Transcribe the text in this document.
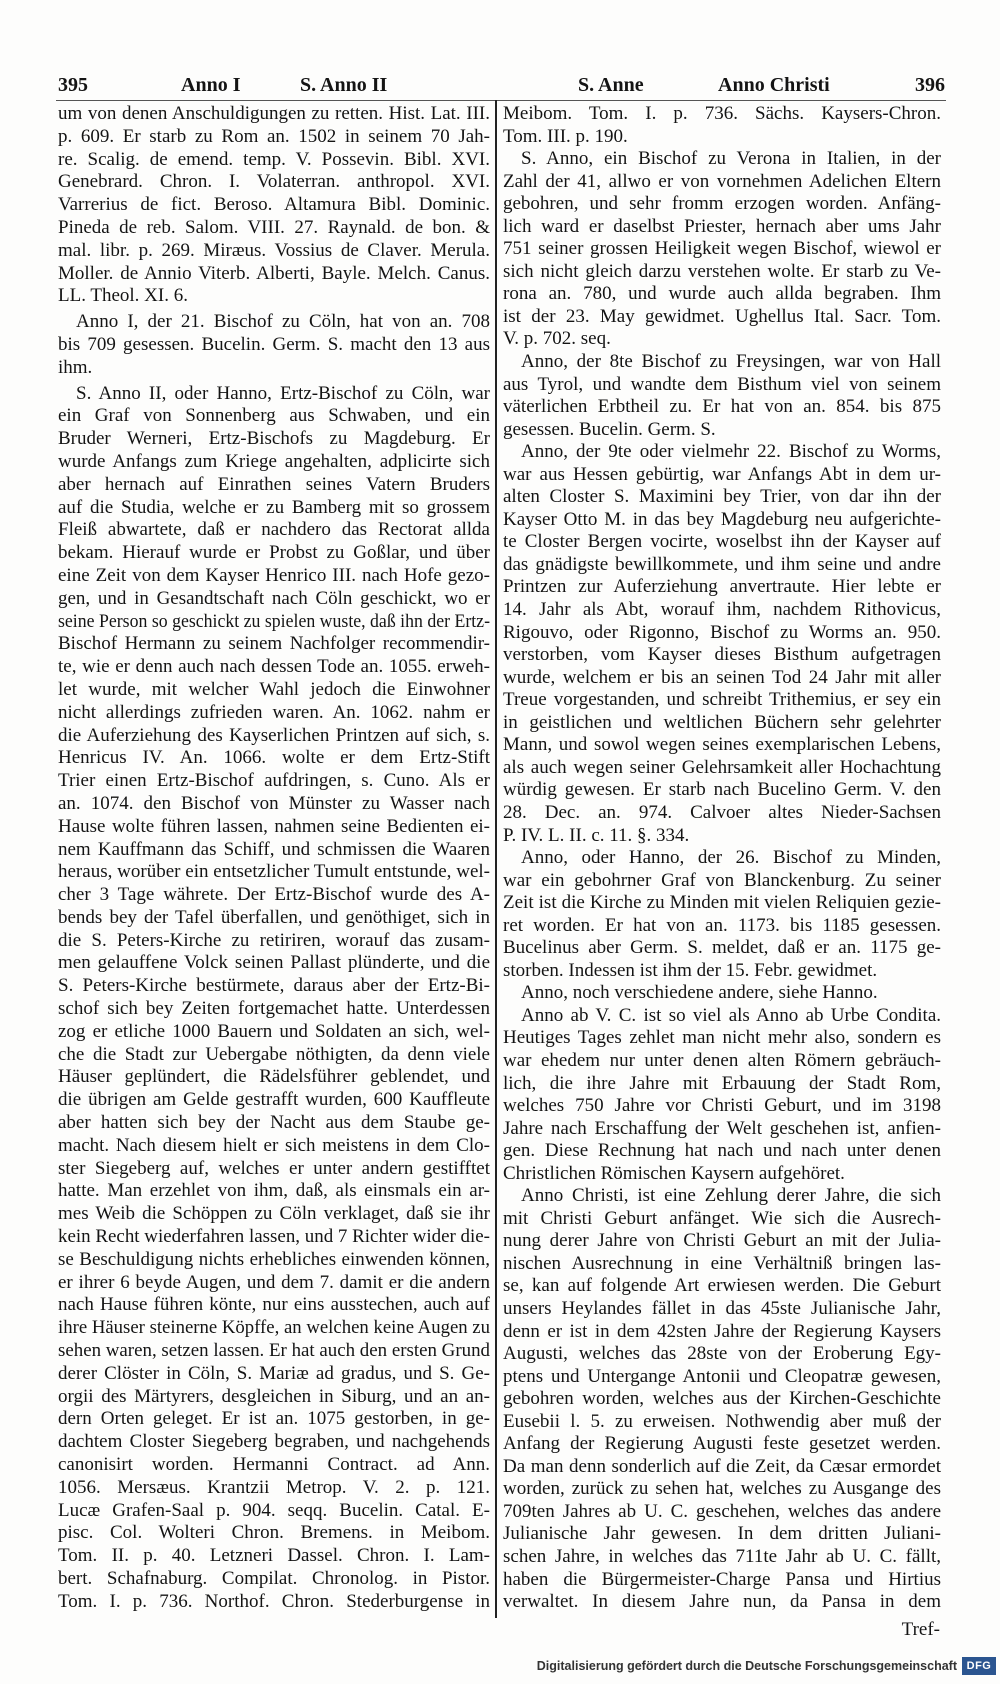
395	Anno I	S. Anno II	S. Anne	Anno Christi	396
um von denen Anschuldigungen zu retten. Hist. Lat. III.
p. 609. Er starb zu Rom an. 1502 in seinem 70 Jah-
re. Scalig. de emend. temp. V. Possevin. Bibl. XVI.
Genebrard. Chron. I. Volaterran. anthropol. XVI.
Varrerius de fict. Beroso. Altamura Bibl. Dominic.
Pineda de reb. Salom. VIII. 27. Raynald. de bon. &
mal. libr. p. 269. Miræus. Vossius de Claver. Merula.
Moller. de Annio Viterb. Alberti, Bayle. Melch. Canus.
LL. Theol. XI. 6.
Anno I, der 21. Bischof zu Cöln, hat von an. 708
bis 709 gesessen. Bucelin. Germ. S. macht den 13 aus
ihm.
S. Anno II, oder Hanno, Ertz-Bischof zu Cöln, war
ein Graf von Sonnenberg aus Schwaben, und ein
Bruder Werneri, Ertz-Bischofs zu Magdeburg. Er
wurde Anfangs zum Kriege angehalten, adplicirte sich
aber hernach auf Einrathen seines Vatern Bruders
auf die Studia, welche er zu Bamberg mit so grossem
Fleiß abwartete, daß er nachdero das Rectorat allda
bekam. Hierauf wurde er Probst zu Goßlar, und über
eine Zeit von dem Kayser Henrico III. nach Hofe gezo-
gen, und in Gesandtschaft nach Cöln geschickt, wo er
seine Person so geschickt zu spielen wuste, daß ihn der Ertz-
Bischof Hermann zu seinem Nachfolger recommendir-
te, wie er denn auch nach dessen Tode an. 1055. erweh-
let wurde, mit welcher Wahl jedoch die Einwohner
nicht allerdings zufrieden waren. An. 1062. nahm er
die Auferziehung des Kayserlichen Printzen auf sich, s.
Henricus IV. An. 1066. wolte er dem Ertz-Stift
Trier einen Ertz-Bischof aufdringen, s. Cuno. Als er
an. 1074. den Bischof von Münster zu Wasser nach
Hause wolte führen lassen, nahmen seine Bedienten ei-
nem Kauffmann das Schiff, und schmissen die Waaren
heraus, worüber ein entsetzlicher Tumult entstunde, wel-
cher 3 Tage währete. Der Ertz-Bischof wurde des A-
bends bey der Tafel überfallen, und genöthiget, sich in
die S. Peters-Kirche zu retiriren, worauf das zusam-
men gelauffene Volck seinen Pallast plünderte, und die
S. Peters-Kirche bestürmete, daraus aber der Ertz-Bi-
schof sich bey Zeiten fortgemachet hatte. Unterdessen
zog er etliche 1000 Bauern und Soldaten an sich, wel-
che die Stadt zur Uebergabe nöthigten, da denn viele
Häuser geplündert, die Rädelsführer geblendet, und
die übrigen am Gelde gestrafft wurden, 600 Kauffleute
aber hatten sich bey der Nacht aus dem Staube ge-
macht. Nach diesem hielt er sich meistens in dem Clo-
ster Siegeberg auf, welches er unter andern gestifftet
hatte. Man erzehlet von ihm, daß, als einsmals ein ar-
mes Weib die Schöppen zu Cöln verklaget, daß sie ihr
kein Recht wiederfahren lassen, und 7 Richter wider die-
se Beschuldigung nichts erhebliches einwenden können,
er ihrer 6 beyde Augen, und dem 7. damit er die andern
nach Hause führen könte, nur eins ausstechen, auch auf
ihre Häuser steinerne Köpffe, an welchen keine Augen zu
sehen waren, setzen lassen. Er hat auch den ersten Grund
derer Clöster in Cöln, S. Mariæ ad gradus, und S. Ge-
orgii des Märtyrers, desgleichen in Siburg, und an an-
dern Orten geleget. Er ist an. 1075 gestorben, in ge-
dachtem Closter Siegeberg begraben, und nachgehends
canonisirt worden. Hermanni Contract. ad Ann.
1056. Mersæus. Krantzii Metrop. V. 2. p. 121.
Lucæ Grafen-Saal p. 904. seqq. Bucelin. Catal. E-
pisc. Col. Wolteri Chron. Bremens. in Meibom.
Tom. II. p. 40. Letzneri Dassel. Chron. I. Lam-
bert. Schafnaburg. Compilat. Chronolog. in Pistor.
Tom. I. p. 736. Northof. Chron. Stederburgense in
Meibom. Tom. I. p. 736. Sächs. Kaysers-Chron.
Tom. III. p. 190.
S. Anno, ein Bischof zu Verona in Italien, in der
Zahl der 41, allwo er von vornehmen Adelichen Eltern
gebohren, und sehr fromm erzogen worden. Anfäng-
lich ward er daselbst Priester, hernach aber ums Jahr
751 seiner grossen Heiligkeit wegen Bischof, wiewol er
sich nicht gleich darzu verstehen wolte. Er starb zu Ve-
rona an. 780, und wurde auch allda begraben. Ihm
ist der 23. May gewidmet. Ughellus Ital. Sacr. Tom.
V. p. 702. seq.
Anno, der 8te Bischof zu Freysingen, war von Hall
aus Tyrol, und wandte dem Bisthum viel von seinem
väterlichen Erbtheil zu. Er hat von an. 854. bis 875
gesessen. Bucelin. Germ. S.
Anno, der 9te oder vielmehr 22. Bischof zu Worms,
war aus Hessen gebürtig, war Anfangs Abt in dem ur-
alten Closter S. Maximini bey Trier, von dar ihn der
Kayser Otto M. in das bey Magdeburg neu aufgerichte-
te Closter Bergen vocirte, woselbst ihn der Kayser auf
das gnädigste bewillkommete, und ihm seine und andre
Printzen zur Auferziehung anvertraute. Hier lebte er
14. Jahr als Abt, worauf ihm, nachdem Rithovicus,
Rigouvo, oder Rigonno, Bischof zu Worms an. 950.
verstorben, vom Kayser dieses Bisthum aufgetragen
wurde, welchem er bis an seinen Tod 24 Jahr mit aller
Treue vorgestanden, und schreibt Trithemius, er sey ein
in geistlichen und weltlichen Büchern sehr gelehrter
Mann, und sowol wegen seines exemplarischen Lebens,
als auch wegen seiner Gelehrsamkeit aller Hochachtung
würdig gewesen. Er starb nach Bucelino Germ. V. den
28. Dec. an. 974. Calvoer altes Nieder-Sachsen
P. IV. L. II. c. 11. §. 334.
Anno, oder Hanno, der 26. Bischof zu Minden,
war ein gebohrner Graf von Blanckenburg. Zu seiner
Zeit ist die Kirche zu Minden mit vielen Reliquien gezie-
ret worden. Er hat von an. 1173. bis 1185 gesessen.
Bucelinus aber Germ. S. meldet, daß er an. 1175 ge-
storben. Indessen ist ihm der 15. Febr. gewidmet.
Anno, noch verschiedene andere, siehe Hanno.
Anno ab V. C. ist so viel als Anno ab Urbe Condita.
Heutiges Tages zehlet man nicht mehr also, sondern es
war ehedem nur unter denen alten Römern gebräuch-
lich, die ihre Jahre mit Erbauung der Stadt Rom,
welches 750 Jahre vor Christi Geburt, und im 3198
Jahre nach Erschaffung der Welt geschehen ist, anfien-
gen. Diese Rechnung hat nach und nach unter denen
Christlichen Römischen Kaysern aufgehöret.
Anno Christi, ist eine Zehlung derer Jahre, die sich
mit Christi Geburt anfänget. Wie sich die Ausrech-
nung derer Jahre von Christi Geburt an mit der Julia-
nischen Ausrechnung in eine Verhältniß bringen las-
se, kan auf folgende Art erwiesen werden. Die Geburt
unsers Heylandes fället in das 45ste Julianische Jahr,
denn er ist in dem 42sten Jahre der Regierung Kaysers
Augusti, welches das 28ste von der Eroberung Egy-
ptens und Untergange Antonii und Cleopatræ gewesen,
gebohren worden, welches aus der Kirchen-Geschichte
Eusebii l. 5. zu erweisen. Nothwendig aber muß der
Anfang der Regierung Augusti feste gesetzet werden.
Da man denn sonderlich auf die Zeit, da Cæsar ermordet
worden, zurück zu sehen hat, welches zu Ausgange des
709ten Jahres ab U. C. geschehen, welches das andere
Julianische Jahr gewesen. In dem dritten Juliani-
schen Jahre, in welches das 711te Jahr ab U. C. fällt,
haben die Bürgermeister-Charge Pansa und Hirtius
verwaltet. In diesem Jahre nun, da Pansa in dem
Tref-
Digitalisierung gefördert durch die Deutsche Forschungsgemeinschaft DFG
